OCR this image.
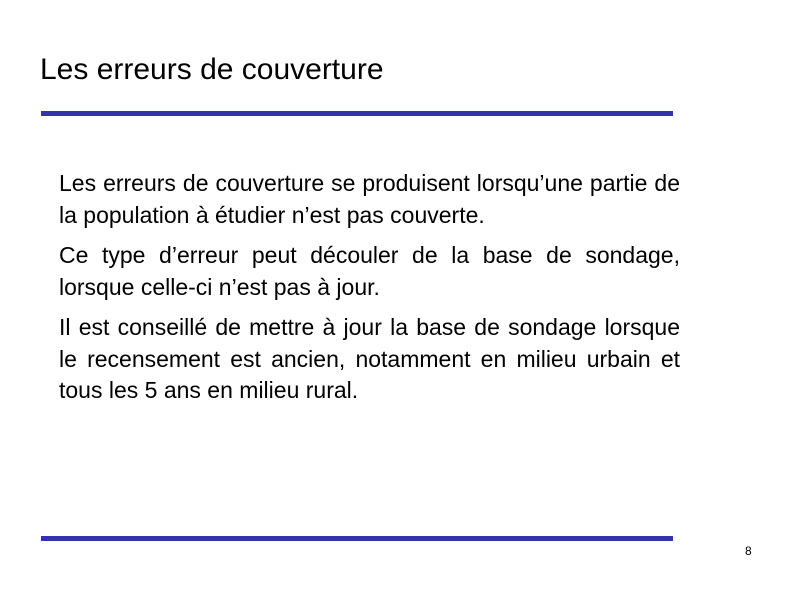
Les erreurs de couverture

Les erreurs de couverture se produisent lorsqu’une partie de la population à étudier n’est pas couverte.

Ce type d’erreur peut découler de la base de sondage, lorsque celle-ci n’est pas à jour.

Il est conseillé de mettre à jour la base de sondage lorsque le recensement est ancien, notamment en milieu urbain et tous les 5 ans en milieu rural.

8
